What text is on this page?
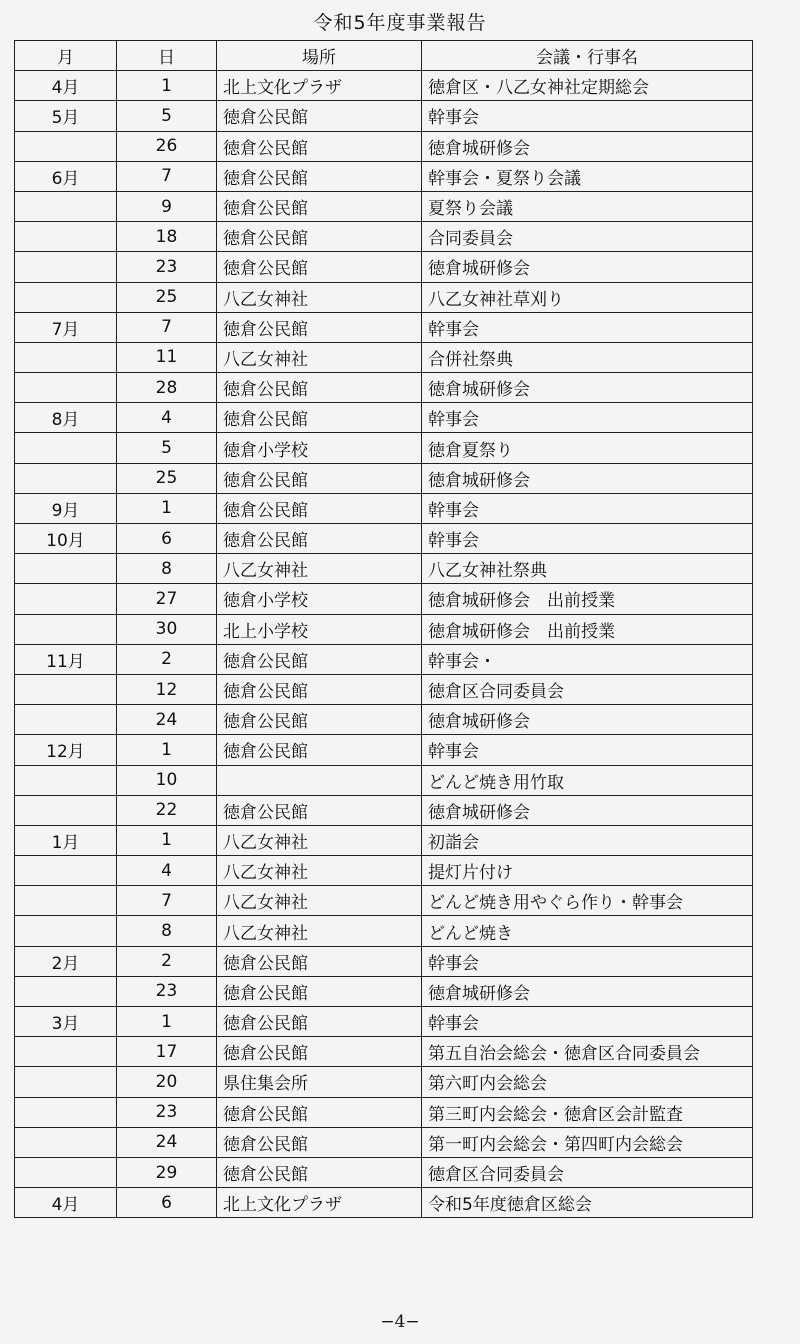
令和5年度事業報告
月	日	場所	会議・行事名
4月	1	北上文化プラザ	徳倉区・八乙女神社定期総会
5月	5	徳倉公民館	幹事会
	26	徳倉公民館	徳倉城研修会
6月	7	徳倉公民館	幹事会・夏祭り会議
	9	徳倉公民館	夏祭り会議
	18	徳倉公民館	合同委員会
	23	徳倉公民館	徳倉城研修会
	25	八乙女神社	八乙女神社草刈り
7月	7	徳倉公民館	幹事会
	11	八乙女神社	合併社祭典
	28	徳倉公民館	徳倉城研修会
8月	4	徳倉公民館	幹事会
	5	徳倉小学校	徳倉夏祭り
	25	徳倉公民館	徳倉城研修会
9月	1	徳倉公民館	幹事会
10月	6	徳倉公民館	幹事会
	8	八乙女神社	八乙女神社祭典
	27	徳倉小学校	徳倉城研修会　出前授業
	30	北上小学校	徳倉城研修会　出前授業
11月	2	徳倉公民館	幹事会・
	12	徳倉公民館	徳倉区合同委員会
	24	徳倉公民館	徳倉城研修会
12月	1	徳倉公民館	幹事会
	10		どんど焼き用竹取
	22	徳倉公民館	徳倉城研修会
1月	1	八乙女神社	初詣会
	4	八乙女神社	提灯片付け
	7	八乙女神社	どんど焼き用やぐら作り・幹事会
	8	八乙女神社	どんど焼き
2月	2	徳倉公民館	幹事会
	23	徳倉公民館	徳倉城研修会
3月	1	徳倉公民館	幹事会
	17	徳倉公民館	第五自治会総会・徳倉区合同委員会
	20	県住集会所	第六町内会総会
	23	徳倉公民館	第三町内会総会・徳倉区会計監査
	24	徳倉公民館	第一町内会総会・第四町内会総会
	29	徳倉公民館	徳倉区合同委員会
4月	6	北上文化プラザ	令和5年度徳倉区総会
−4−
